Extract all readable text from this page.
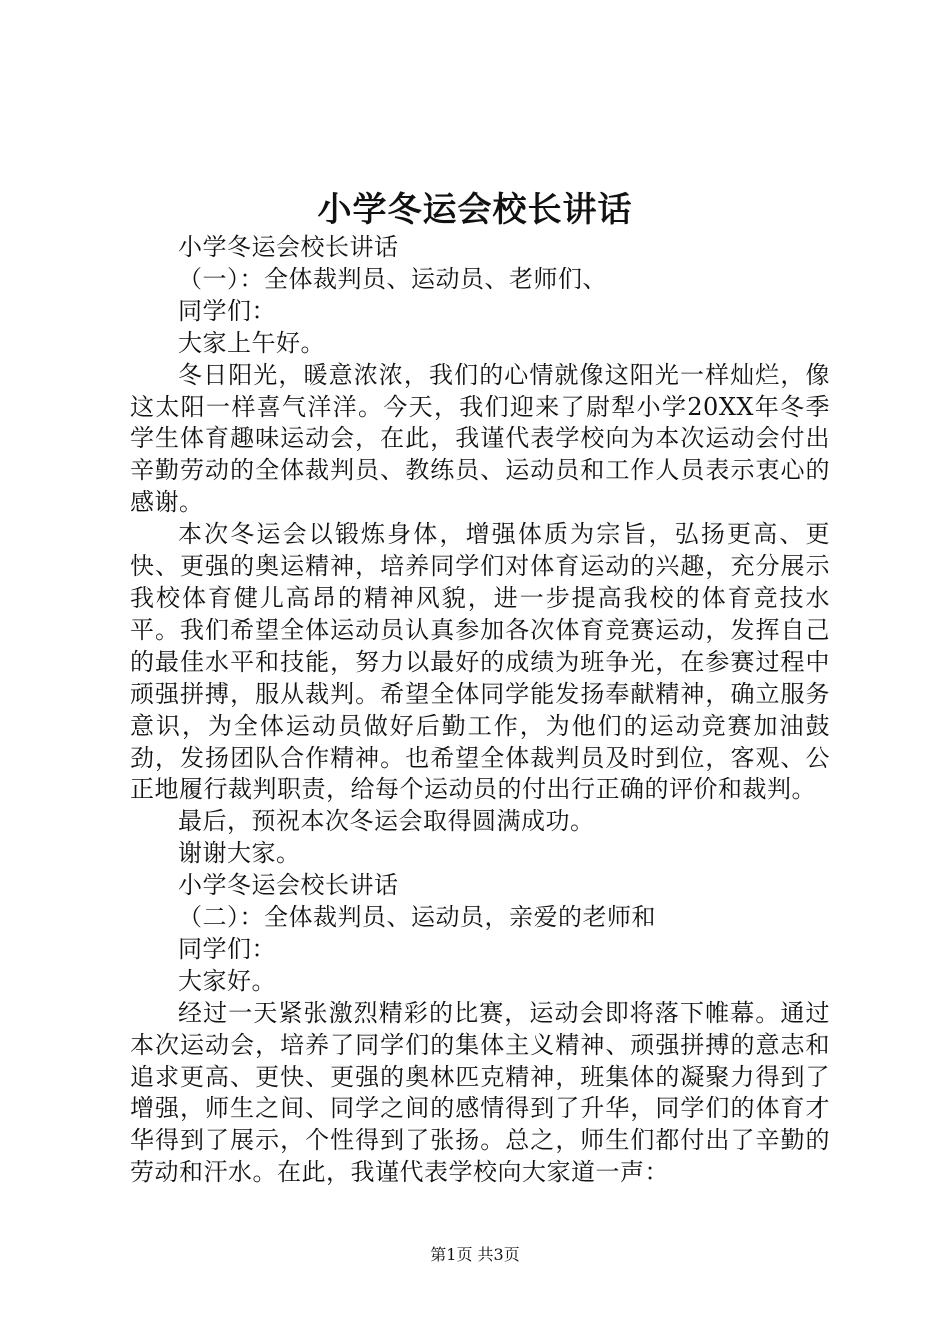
小学冬运会校长讲话

小学冬运会校长讲话

（一）：全体裁判员、运动员、老师们、

同学们：

大家上午好。

冬日阳光，暖意浓浓，我们的心情就像这阳光一样灿烂，像这太阳一样喜气洋洋。今天，我们迎来了尉犁小学20XX年冬季学生体育趣味运动会，在此，我谨代表学校向为本次运动会付出辛勤劳动的全体裁判员、教练员、运动员和工作人员表示衷心的感谢。

本次冬运会以锻炼身体，增强体质为宗旨，弘扬更高、更快、更强的奥运精神，培养同学们对体育运动的兴趣，充分展示我校体育健儿高昂的精神风貌，进一步提高我校的体育竞技水平。我们希望全体运动员认真参加各次体育竞赛运动，发挥自己的最佳水平和技能，努力以最好的成绩为班争光，在参赛过程中顽强拼搏，服从裁判。希望全体同学能发扬奉献精神，确立服务意识，为全体运动员做好后勤工作，为他们的运动竞赛加油鼓劲，发扬团队合作精神。也希望全体裁判员及时到位，客观、公正地履行裁判职责，给每个运动员的付出行正确的评价和裁判。

最后，预祝本次冬运会取得圆满成功。

谢谢大家。

小学冬运会校长讲话

（二）：全体裁判员、运动员，亲爱的老师和

同学们：

大家好。

经过一天紧张激烈精彩的比赛，运动会即将落下帷幕。通过本次运动会，培养了同学们的集体主义精神、顽强拼搏的意志和追求更高、更快、更强的奥林匹克精神，班集体的凝聚力得到了增强，师生之间、同学之间的感情得到了升华，同学们的体育才华得到了展示，个性得到了张扬。总之，师生们都付出了辛勤的劳动和汗水。在此，我谨代表学校向大家道一声：

第1页 共3页
